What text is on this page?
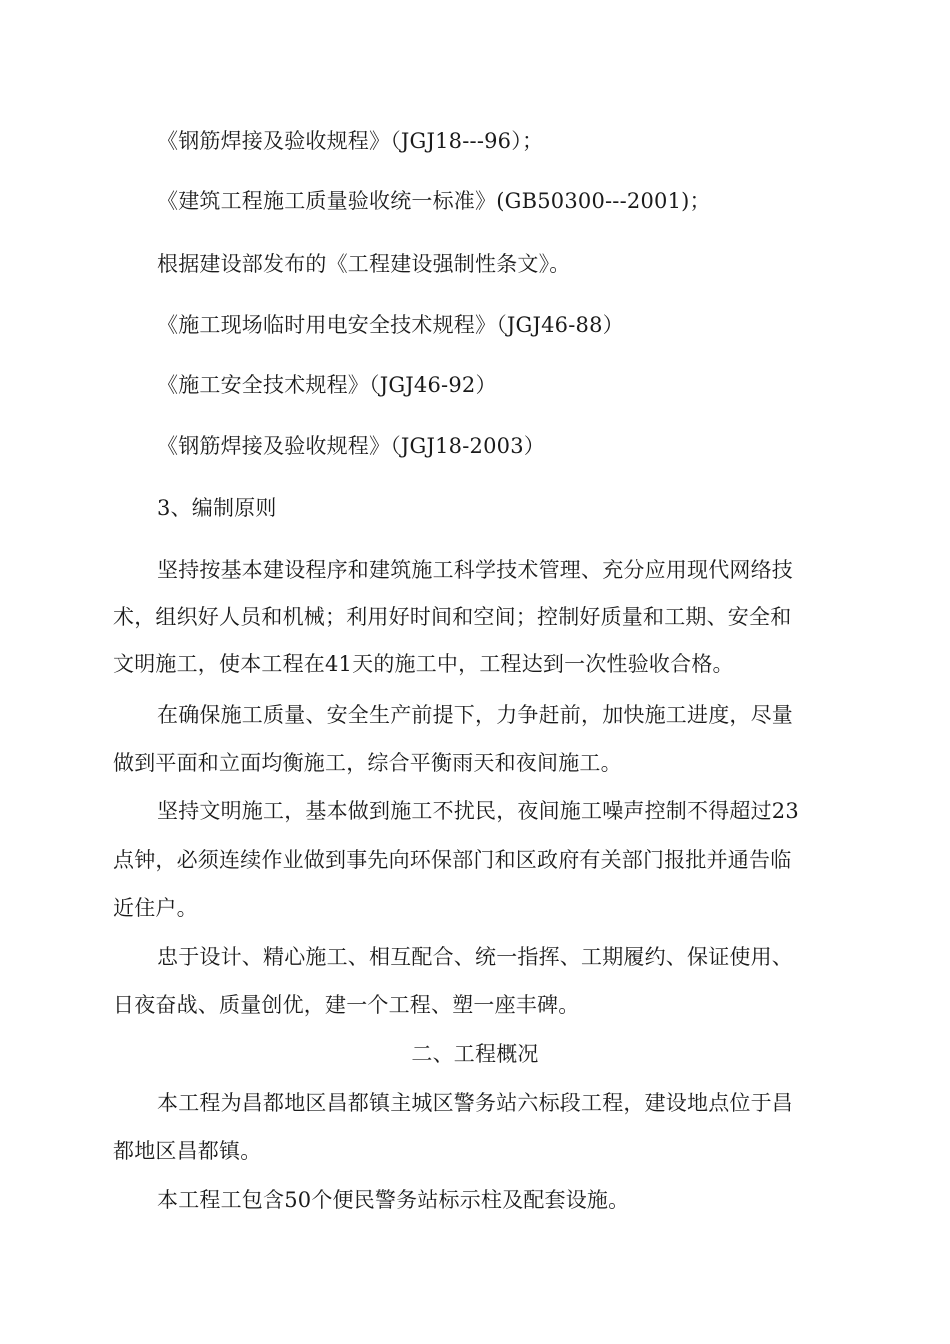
《钢筋焊接及验收规程》（JGJ18---96）；
《建筑工程施工质量验收统一标准》(GB50300---2001)；
根据建设部发布的《工程建设强制性条文》。
《施工现场临时用电安全技术规程》（JGJ46-88）
《施工安全技术规程》（JGJ46-92）
《钢筋焊接及验收规程》（JGJ18-2003）
3、编制原则
坚持按基本建设程序和建筑施工科学技术管理、充分应用现代网络技
术，组织好人员和机械；利用好时间和空间；控制好质量和工期、安全和
文明施工，使本工程在41天的施工中，工程达到一次性验收合格。
在确保施工质量、安全生产前提下，力争赶前，加快施工进度，尽量
做到平面和立面均衡施工，综合平衡雨天和夜间施工。
坚持文明施工，基本做到施工不扰民，夜间施工噪声控制不得超过23
点钟，必须连续作业做到事先向环保部门和区政府有关部门报批并通告临
近住户。
忠于设计、精心施工、相互配合、统一指挥、工期履约、保证使用、
日夜奋战、质量创优，建一个工程、塑一座丰碑。
二、工程概况
本工程为昌都地区昌都镇主城区警务站六标段工程，建设地点位于昌
都地区昌都镇。
本工程工包含50个便民警务站标示柱及配套设施。
